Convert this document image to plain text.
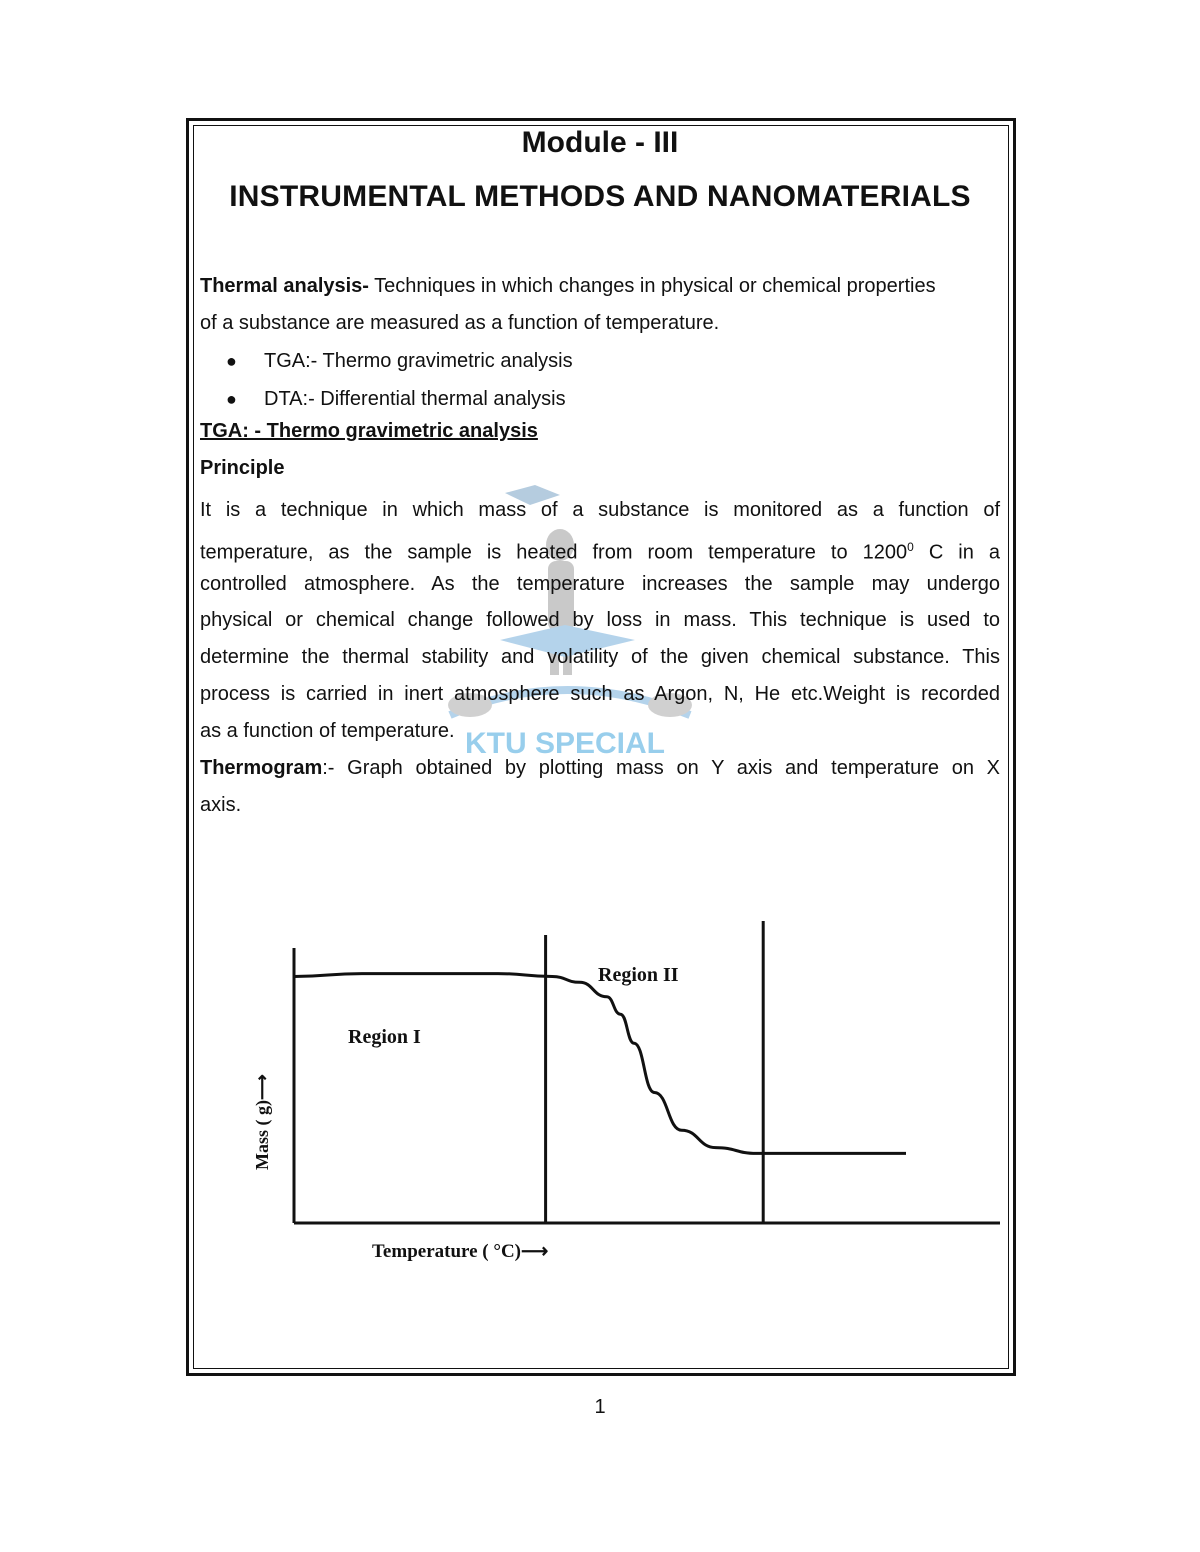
Module - III
INSTRUMENTAL METHODS AND NANOMATERIALS
Thermal analysis- Techniques in which changes in physical or chemical properties
of a substance are measured as a function of temperature.
●	TGA:- Thermo gravimetric analysis
●	DTA:- Differential thermal analysis
TGA: - Thermo gravimetric analysis
Principle
KTU SPECIAL
It is a technique in which mass of a substance is monitored as a function of
temperature, as the sample is heated from room temperature to 1200$^0$ C in a
controlled atmosphere. As the temperature increases the sample may undergo
physical or chemical change followed by loss in mass. This technique is used to
determine the thermal stability and volatility of the given chemical substance. This
process is carried in inert atmosphere such as Argon, N, He etc.Weight is recorded
as a function of temperature.
Thermogram:- Graph obtained by plotting mass on Y axis and temperature on X
axis.
Region I
Region II
Temperature ( °C)⟶
Mass ( g)⟶
1
